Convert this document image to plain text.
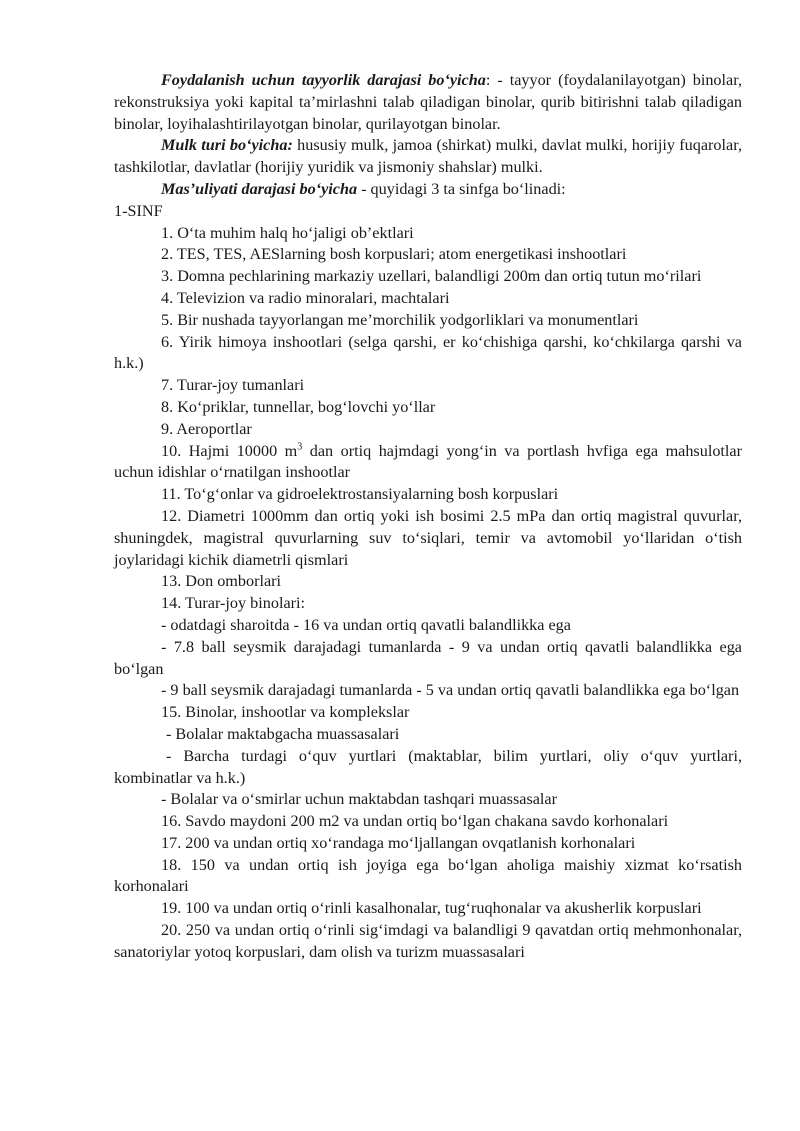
Foydalanish uchun tayyorlik darajasi bo‘yicha: - tayyor (foydalanilayotgan) binolar, rekonstruksiya yoki kapital ta’mirlashni talab qiladigan binolar, qurib bitirishni talab qiladigan binolar, loyihalashtirilayotgan binolar, qurilayotgan binolar.

Mulk turi bo‘yicha: hususiy mulk, jamoa (shirkat) mulki, davlat mulki, horijiy fuqarolar, tashkilotlar, davlatlar (horijiy yuridik va jismoniy shahslar) mulki.

Mas’uliyati darajasi bo‘yicha - quyidagi 3 ta sinfga bo‘linadi:

1-SINF

1. O‘ta muhim halq ho‘jaligi ob’ektlari

2. TES, TES, AESlarning bosh korpuslari; atom energetikasi inshootlari

3. Domna pechlarining markaziy uzellari, balandligi 200m dan ortiq tutun mo‘rilari

4. Televizion va radio minoralari, machtalari

5. Bir nushada tayyorlangan me’morchilik yodgorliklari va monumentlari

6. Yirik himoya inshootlari (selga qarshi, er ko‘chishiga qarshi, ko‘chkilarga qarshi va h.k.)

7. Turar-joy tumanlari

8. Ko‘priklar, tunnellar, bog‘lovchi yo‘llar

9. Aeroportlar

10. Hajmi 10000 $m^3$ dan ortiq hajmdagi yong‘in va portlash hvfiga ega mahsulotlar uchun idishlar o‘rnatilgan inshootlar

11. To‘g‘onlar va gidroelektrostansiyalarning bosh korpuslari

12. Diametri 1000mm dan ortiq yoki ish bosimi 2.5 mPa dan ortiq magistral quvurlar, shuningdek, magistral quvurlarning suv to‘siqlari, temir va avtomobil yo‘llaridan o‘tish joylaridagi kichik diametrli qismlari

13. Don omborlari

14. Turar-joy binolari:

- odatdagi sharoitda - 16 va undan ortiq qavatli balandlikka ega

- 7.8 ball seysmik darajadagi tumanlarda - 9 va undan ortiq qavatli balandlikka ega bo‘lgan

- 9 ball seysmik darajadagi tumanlarda - 5 va undan ortiq qavatli balandlikka ega bo‘lgan

15. Binolar, inshootlar va komplekslar

- Bolalar maktabgacha muassasalari

- Barcha turdagi o‘quv yurtlari (maktablar, bilim yurtlari, oliy o‘quv yurtlari, kombinatlar va h.k.)

- Bolalar va o‘smirlar uchun maktabdan tashqari muassasalar

16. Savdo maydoni 200 m2 va undan ortiq bo‘lgan chakana savdo korhonalari

17. 200 va undan ortiq xo‘randaga mo‘ljallangan ovqatlanish korhonalari

18. 150 va undan ortiq ish joyiga ega bo‘lgan aholiga maishiy xizmat ko‘rsatish korhonalari

19. 100 va undan ortiq o‘rinli kasalhonalar, tug‘ruqhonalar va akusherlik korpuslari

20. 250 va undan ortiq o‘rinli sig‘imdagi va balandligi 9 qavatdan ortiq mehmonhonalar, sanatoriylar yotoq korpuslari, dam olish va turizm muassasalari
